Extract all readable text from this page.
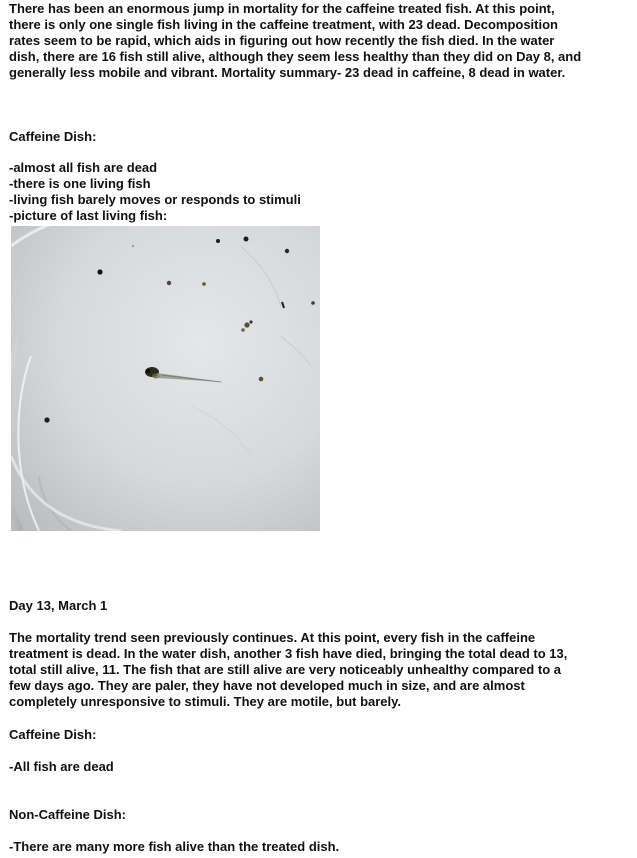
There has been an enormous jump in mortality for the caffeine treated fish. At this point,

there is only one single fish living in the caffeine treatment, with 23 dead. Decomposition

rates seem to be rapid, which aids in figuring out how recently the fish died. In the water

dish, there are 16 fish still alive, although they seem less healthy than they did on Day 8, and

generally less mobile and vibrant. Mortality summary- 23 dead in caffeine, 8 dead in water.

Caffeine Dish:

-almost all fish are dead

-there is one living fish

-living fish barely moves or responds to stimuli

-picture of last living fish:

Day 13, March 1

The mortality trend seen previously continues. At this point, every fish in the caffeine

treatment is dead. In the water dish, another 3 fish have died, bringing the total dead to 13,

total still alive, 11. The fish that are still alive are very noticeably unhealthy compared to a

few days ago. They are paler, they have not developed much in size, and are almost

completely unresponsive to stimuli. They are motile, but barely.

Caffeine Dish:

-All fish are dead

Non-Caffeine Dish:

-There are many more fish alive than the treated dish.
